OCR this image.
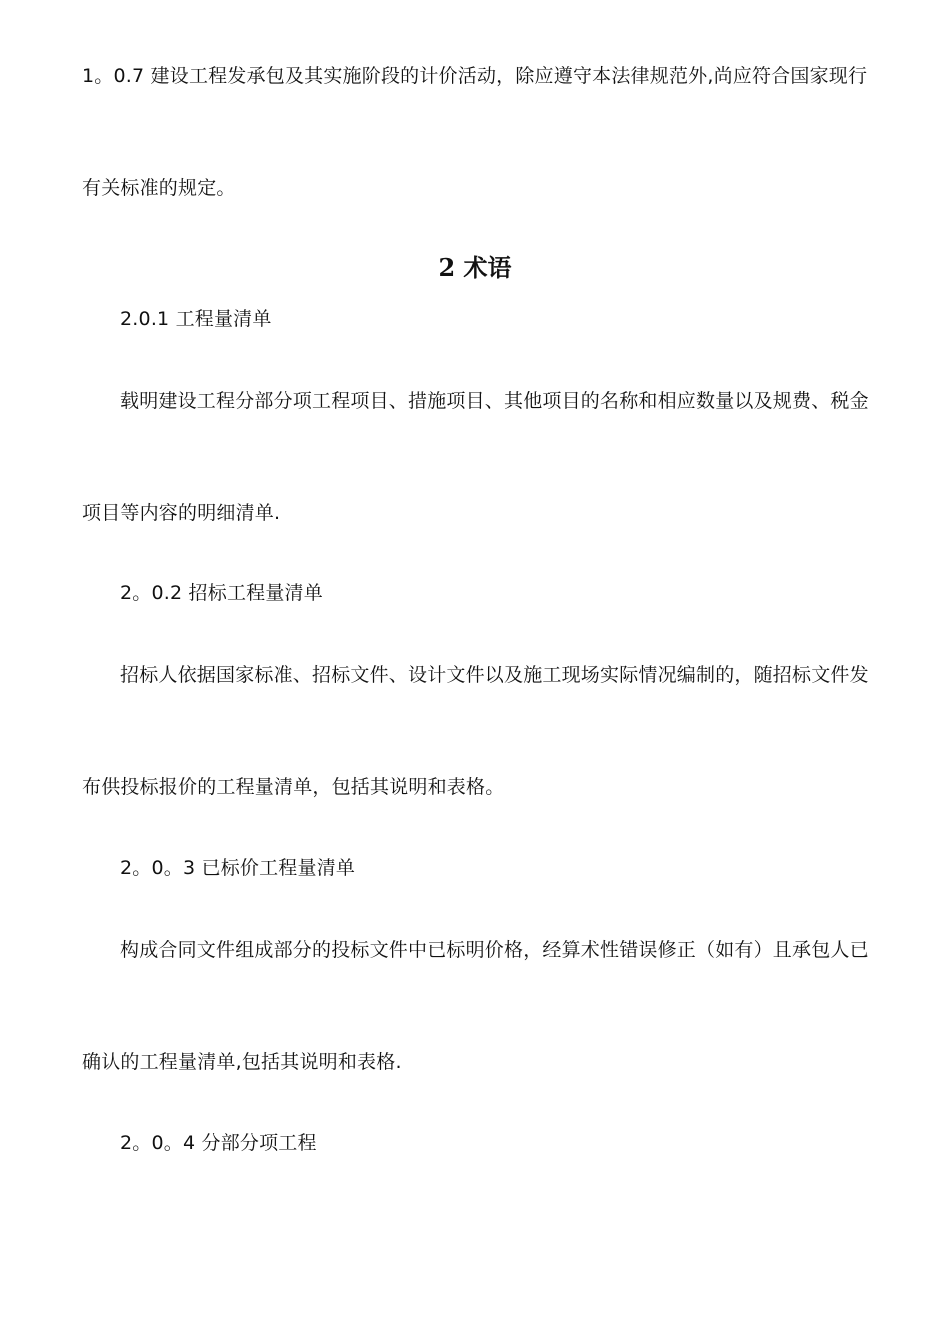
1。0.7 建设工程发承包及其实施阶段的计价活动，除应遵守本法律规范外,尚应符合国家现行
有关标准的规定。
2 术语
2.0.1 工程量清单
载明建设工程分部分项工程项目、措施项目、其他项目的名称和相应数量以及规费、税金
项目等内容的明细清单.
2。0.2 招标工程量清单
招标人依据国家标准、招标文件、设计文件以及施工现场实际情况编制的，随招标文件发
布供投标报价的工程量清单，包括其说明和表格。
2。0。3 已标价工程量清单
构成合同文件组成部分的投标文件中已标明价格，经算术性错误修正（如有）且承包人已
确认的工程量清单,包括其说明和表格.
2。0。4 分部分项工程
